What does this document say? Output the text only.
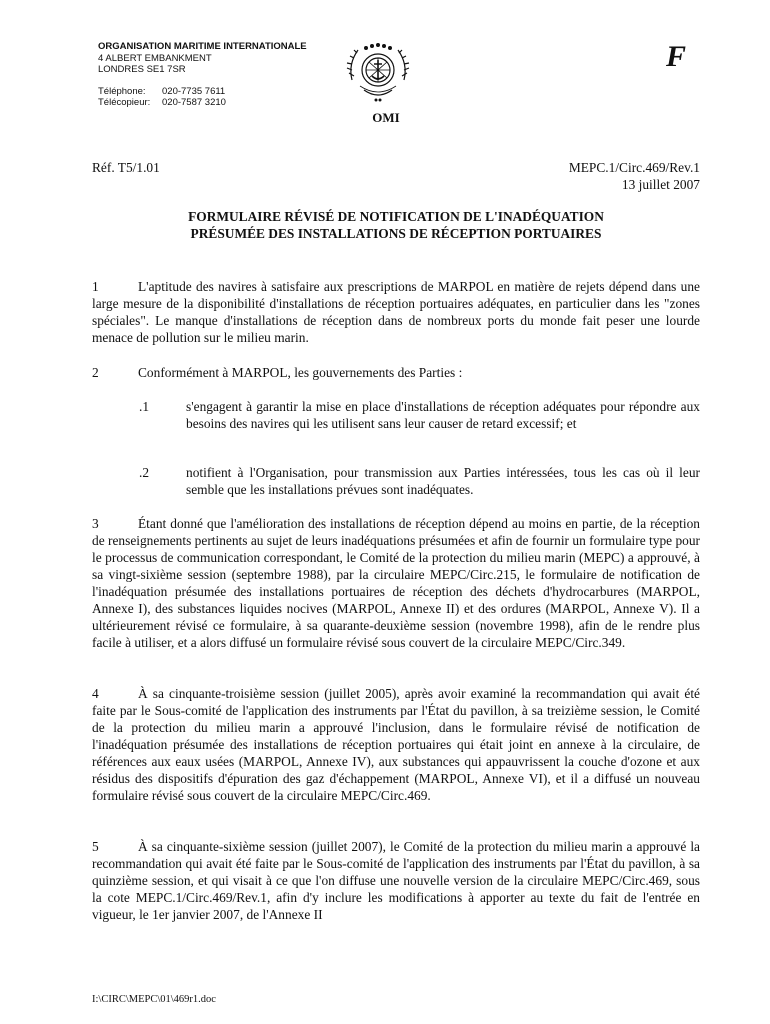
ORGANISATION MARITIME INTERNATIONALE
4 ALBERT EMBANKMENT
LONDRES SE1 7SR
Téléphone:	020-7735 7611
Télécopieur:	020-7587 3210
OMI
F
Réf. T5/1.01	MEPC.1/Circ.469/Rev.1
13 juillet 2007
FORMULAIRE RÉVISÉ DE NOTIFICATION DE L'INADÉQUATION
PRÉSUMÉE DES INSTALLATIONS DE RÉCEPTION PORTUAIRES
1	L'aptitude des navires à satisfaire aux prescriptions de MARPOL en matière de rejets dépend dans une large mesure de la disponibilité d'installations de réception portuaires adéquates, en particulier dans les "zones spéciales". Le manque d'installations de réception dans de nombreux ports du monde fait peser une lourde menace de pollution sur le milieu marin.
2	Conformément à MARPOL, les gouvernements des Parties :
.1	s'engagent à garantir la mise en place d'installations de réception adéquates pour répondre aux besoins des navires qui les utilisent sans leur causer de retard excessif; et
.2	notifient à l'Organisation, pour transmission aux Parties intéressées, tous les cas où il leur semble que les installations prévues sont inadéquates.
3	Étant donné que l'amélioration des installations de réception dépend au moins en partie, de la réception de renseignements pertinents au sujet de leurs inadéquations présumées et afin de fournir un formulaire type pour le processus de communication correspondant, le Comité de la protection du milieu marin (MEPC) a approuvé, à sa vingt-sixième session (septembre 1988), par la circulaire MEPC/Circ.215, le formulaire de notification de l'inadéquation présumée des installations portuaires de réception des déchets d'hydrocarbures (MARPOL, Annexe I), des substances liquides nocives (MARPOL, Annexe II) et des ordures (MARPOL, Annexe V). Il a ultérieurement révisé ce formulaire, à sa quarante-deuxième session (novembre 1998), afin de le rendre plus facile à utiliser, et a alors diffusé un formulaire révisé sous couvert de la circulaire MEPC/Circ.349.
4	À sa cinquante-troisième session (juillet 2005), après avoir examiné la recommandation qui avait été faite par le Sous-comité de l'application des instruments par l'État du pavillon, à sa treizième session, le Comité de la protection du milieu marin a approuvé l'inclusion, dans le formulaire révisé de notification de l'inadéquation présumée des installations de réception portuaires qui était joint en annexe à la circulaire, de références aux eaux usées (MARPOL, Annexe IV), aux substances qui appauvrissent la couche d'ozone et aux résidus des dispositifs d'épuration des gaz d'échappement (MARPOL, Annexe VI), et il a diffusé un nouveau formulaire révisé sous couvert de la circulaire MEPC/Circ.469.
5	À sa cinquante-sixième session (juillet 2007), le Comité de la protection du milieu marin a approuvé la recommandation qui avait été faite par le Sous-comité de l'application des instruments par l'État du pavillon, à sa quinzième session, et qui visait à ce que l'on diffuse une nouvelle version de la circulaire MEPC/Circ.469, sous la cote MEPC.1/Circ.469/Rev.1, afin d'y inclure les modifications à apporter au texte du fait de l'entrée en vigueur, le 1er janvier 2007, de l'Annexe II
I:\CIRC\MEPC\01\469r1.doc
